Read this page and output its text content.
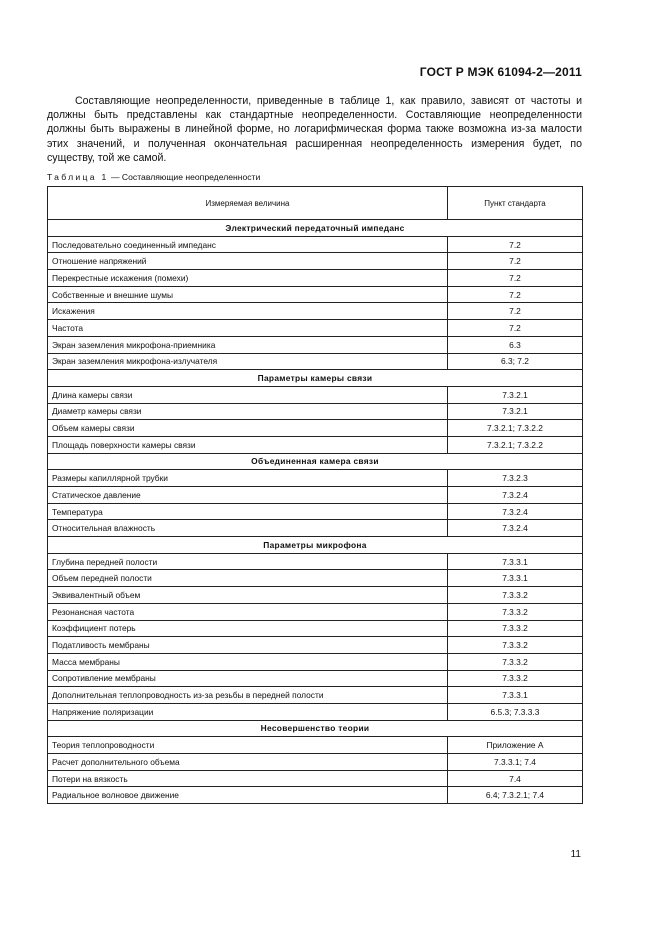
ГОСТ Р МЭК 61094-2—2011

Составляющие неопределенности, приведенные в таблице 1, как правило, зависят от частоты и должны быть представлены как стандартные неопределенности. Составляющие неопределенности должны быть выражены в линейной форме, но логарифмическая форма также возможна из-за малости этих значений, и полученная окончательная расширенная неопределенность измерения будет, по существу, той же самой.

Таблица 1 — Составляющие неопределенности
Измеряемая величина	Пункт стандарта
Электрический передаточный импеданс	
Последовательно соединенный импеданс	7.2
Отношение напряжений	7.2
Перекрестные искажения (помехи)	7.2
Собственные и внешние шумы	7.2
Искажения	7.2
Частота	7.2
Экран заземления микрофона-приемника	6.3
Экран заземления микрофона-излучателя	6.3; 7.2
Параметры камеры связи	
Длина камеры связи	7.3.2.1
Диаметр камеры связи	7.3.2.1
Объем камеры связи	7.3.2.1; 7.3.2.2
Площадь поверхности камеры связи	7.3.2.1; 7.3.2.2
Объединенная камера связи	
Размеры капиллярной трубки	7.3.2.3
Статическое давление	7.3.2.4
Температура	7.3.2.4
Относительная влажность	7.3.2.4
Параметры микрофона	
Глубина передней полости	7.3.3.1
Объем передней полости	7.3.3.1
Эквивалентный объем	7.3.3.2
Резонансная частота	7.3.3.2
Коэффициент потерь	7.3.3.2
Податливость мембраны	7.3.3.2
Масса мембраны	7.3.3.2
Сопротивление мембраны	7.3.3.2
Дополнительная теплопроводность из-за резьбы в передней полости	7.3.3.1
Напряжение поляризации	6.5.3; 7.3.3.3
Несовершенство теории	
Теория теплопроводности	Приложение А
Расчет дополнительного объема	7.3.3.1; 7.4
Потери на вязкость	7.4
Радиальное волновое движение	6.4; 7.3.2.1; 7.4
11
